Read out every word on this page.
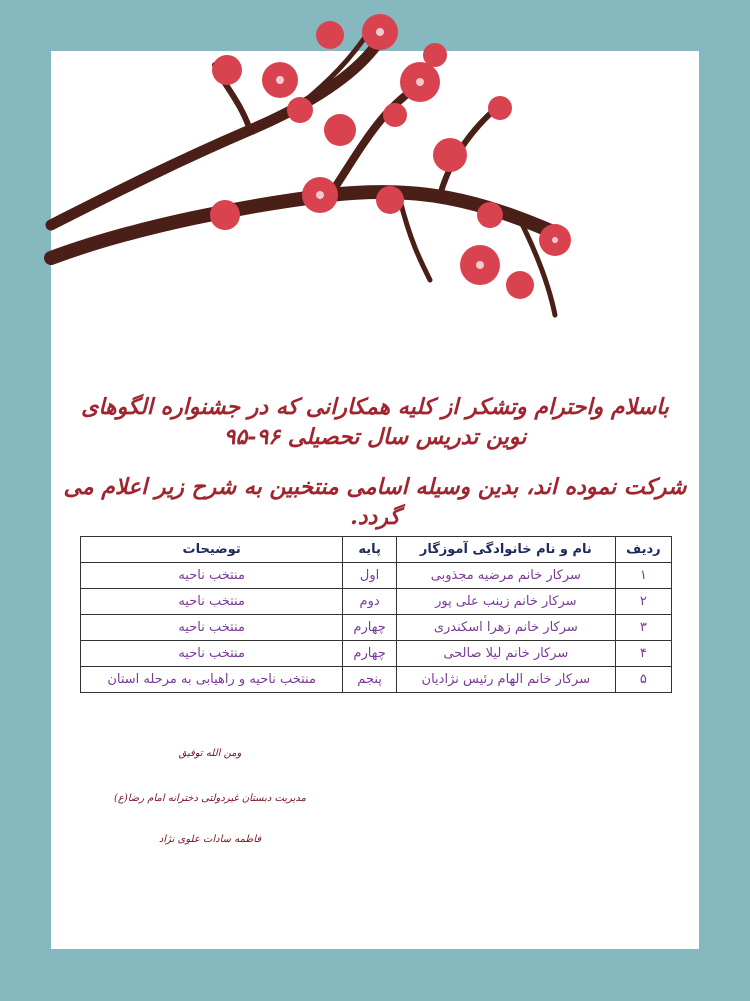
باسلام واحترام وتشکر از کلیه همکارانی که در جشنواره الگوهای نوین تدریس سال تحصیلی ۹۶-۹۵
شرکت نموده اند، بدین وسیله اسامی منتخبین به شرح زیر اعلام می گردد.
ردیف	نام و نام خانوادگی آموزگار	پایه	توضیحات
۱	سرکار خانم مرضیه مجذوبی	اول	منتخب ناحیه
۲	سرکار خانم زینب علی پور	دوم	منتخب ناحیه
۳	سرکار خانم زهرا اسکندری	چهارم	منتخب ناحیه
۴	سرکار خانم لیلا صالحی	چهارم	منتخب ناحیه
۵	سرکار خانم الهام رئیس نژادیان	پنجم	منتخب ناحیه و راهیابی به مرحله استان
ومن الله توفیق
مدیریت دبستان غیردولتی دخترانه امام رضا(ع)
فاطمه سادات علوی نژاد
